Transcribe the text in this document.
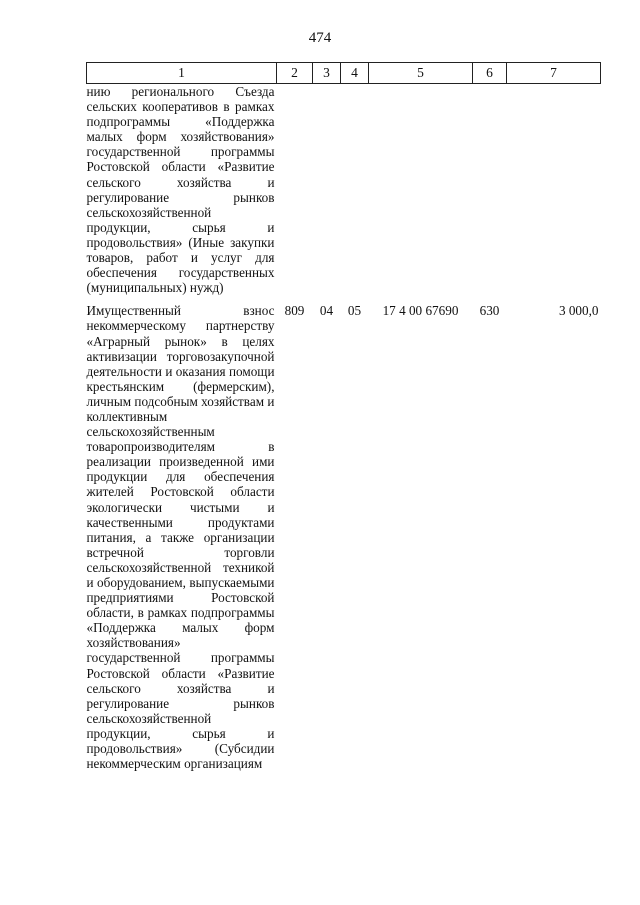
474
1	2	3	4	5	6	7
нию регионального Съезда сельских кооперативов в рамках подпрограммы «Поддержка малых форм хозяйствования» государственной программы Ростовской области «Развитие сельского хозяйства и регулирование рынков сельскохозяйственной продукции, сырья и продовольствия» (Иные закупки товаров, работ и услуг для обеспечения государственных (муниципальных) нужд)						
Имущественный взнос некоммерческому партнерству «Аграрный рынок» в целях активизации торговозакупочной деятельности и оказания помощи крестьянским (фермерским), личным подсобным хозяйствам и коллективным сельскохозяйственным товаропроизводителям в реализации произведенной ими продукции для обеспечения жителей Ростовской области экологически чистыми и качественными продуктами питания, а также организации встречной торговли сельскохозяйственной техникой и оборудованием, выпускаемыми предприятиями Ростовской области, в рамках подпрограммы «Поддержка малых форм хозяйствования» государственной программы Ростовской области «Развитие сельского хозяйства и регулирование рынков сельскохозяйственной продукции, сырья и продовольствия» (Субсидии некоммерческим организациям	809	04	05	17 4 00 67690	630	3 000,0
